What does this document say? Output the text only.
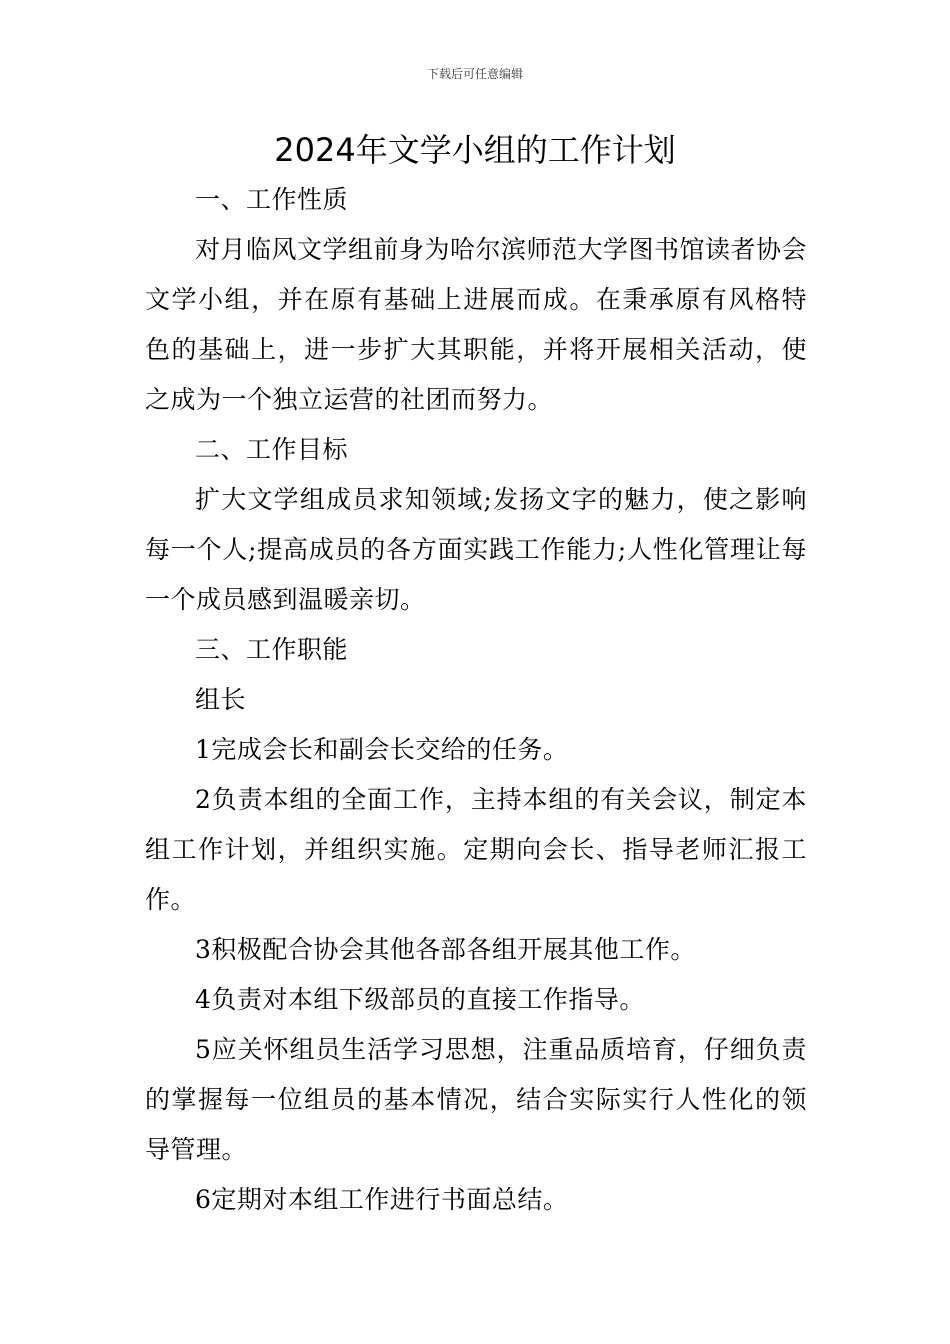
下载后可任意编辑
2024年文学小组的工作计划

一、工作性质

对月临风文学组前身为哈尔滨师范大学图书馆读者协会文学小组，并在原有基础上进展而成。在秉承原有风格特色的基础上，进一步扩大其职能，并将开展相关活动，使之成为一个独立运营的社团而努力。

二、工作目标

扩大文学组成员求知领域;发扬文字的魅力，使之影响每一个人;提高成员的各方面实践工作能力;人性化管理让每一个成员感到温暖亲切。

三、工作职能

组长

1完成会长和副会长交给的任务。

2负责本组的全面工作，主持本组的有关会议，制定本组工作计划，并组织实施。定期向会长、指导老师汇报工作。

3积极配合协会其他各部各组开展其他工作。

4负责对本组下级部员的直接工作指导。

5应关怀组员生活学习思想，注重品质培育，仔细负责的掌握每一位组员的基本情况，结合实际实行人性化的领导管理。

6定期对本组工作进行书面总结。
